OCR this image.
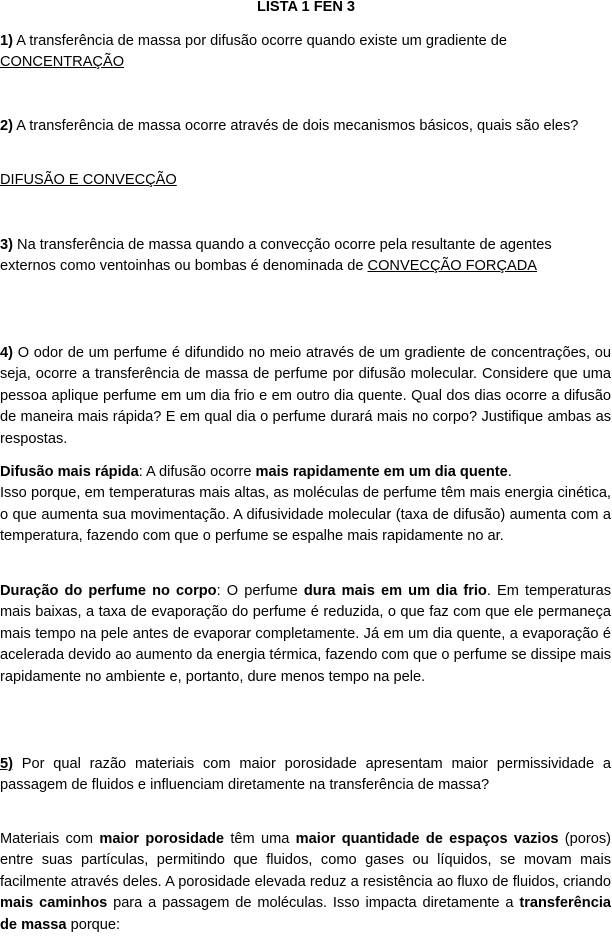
LISTA 1 FEN 3

1) A transferência de massa por difusão ocorre quando existe um gradiente de CONCENTRAÇÃO

2) A transferência de massa ocorre através de dois mecanismos básicos, quais são eles?

DIFUSÃO E CONVECÇÃO

3) Na transferência de massa quando a convecção ocorre pela resultante de agentes externos como ventoinhas ou bombas é denominada de CONVECÇÃO FORÇADA

4) O odor de um perfume é difundido no meio através de um gradiente de concentrações, ou seja, ocorre a transferência de massa de perfume por difusão molecular. Considere que uma pessoa aplique perfume em um dia frio e em outro dia quente. Qual dos dias ocorre a difusão de maneira mais rápida? E em qual dia o perfume durará mais no corpo? Justifique ambas as respostas.

Difusão mais rápida: A difusão ocorre mais rapidamente em um dia quente.
Isso porque, em temperaturas mais altas, as moléculas de perfume têm mais energia cinética, o que aumenta sua movimentação. A difusividade molecular (taxa de difusão) aumenta com a temperatura, fazendo com que o perfume se espalhe mais rapidamente no ar.

Duração do perfume no corpo: O perfume dura mais em um dia frio. Em temperaturas mais baixas, a taxa de evaporação do perfume é reduzida, o que faz com que ele permaneça mais tempo na pele antes de evaporar completamente. Já em um dia quente, a evaporação é acelerada devido ao aumento da energia térmica, fazendo com que o perfume se dissipe mais rapidamente no ambiente e, portanto, dure menos tempo na pele.

5) Por qual razão materiais com maior porosidade apresentam maior permissividade a passagem de fluidos e influenciam diretamente na transferência de massa?

Materiais com maior porosidade têm uma maior quantidade de espaços vazios (poros) entre suas partículas, permitindo que fluidos, como gases ou líquidos, se movam mais facilmente através deles. A porosidade elevada reduz a resistência ao fluxo de fluidos, criando mais caminhos para a passagem de moléculas. Isso impacta diretamente a transferência de massa porque:
